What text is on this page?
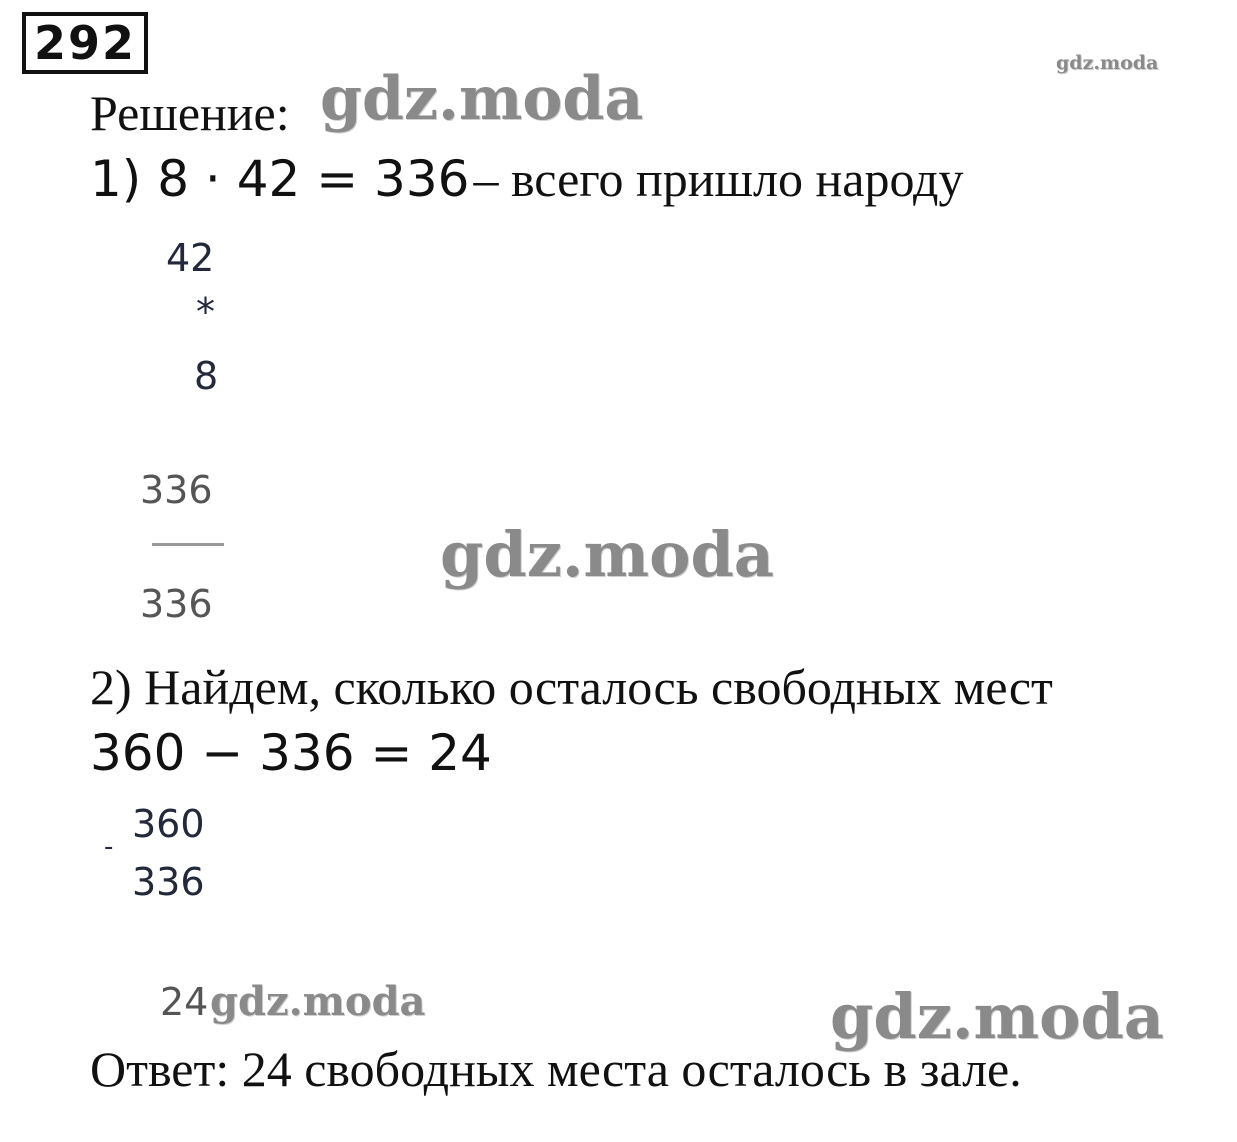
292	gdz.moda
Решение: gdz.moda
1) 8 · 42 = 336 – всего пришло народу
42
*
8
336
336
gdz.moda
2) Найдем, сколько осталось свободных мест
360 − 336 = 24
-
360
336
24 gdz.moda	gdz.moda
Ответ: 24 свободных места осталось в зале.
